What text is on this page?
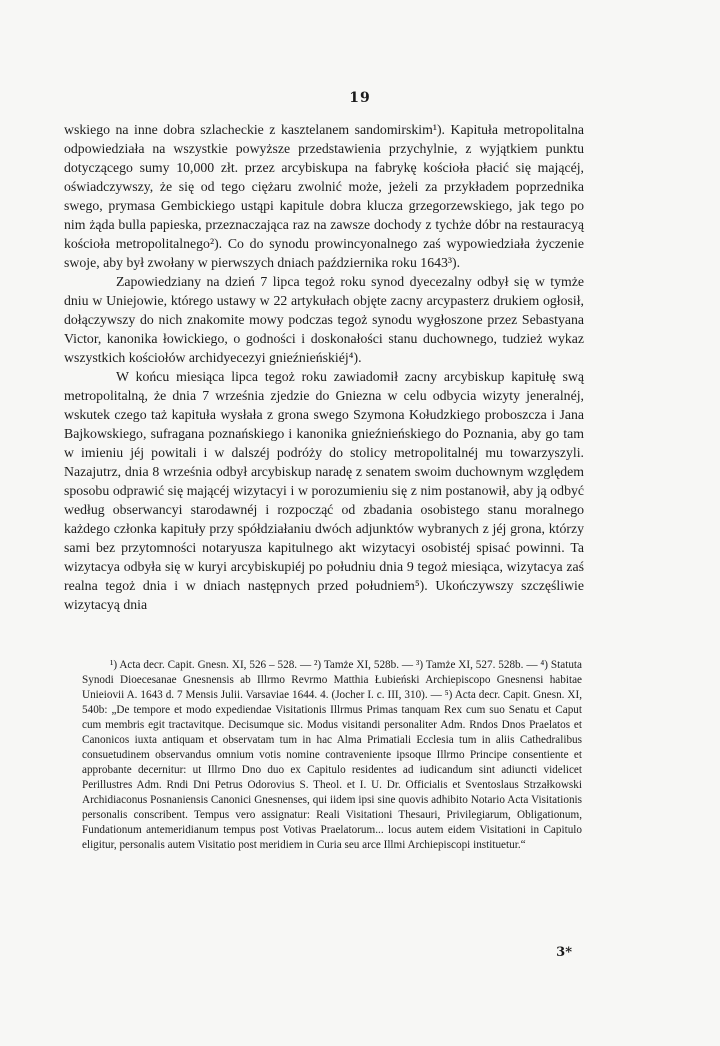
19

wskiego na inne dobra szlacheckie z kasztelanem sandomirskim¹). Kapituła metropolitalna odpowiedziała na wszystkie powyższe przedstawienia przychylnie, z wyjątkiem punktu dotyczącego sumy 10,000 złt. przez arcybiskupa na fabrykę kościoła płacić się mającéj, oświadczywszy, że się od tego ciężaru zwolnić może, jeżeli za przykładem poprzednika swego, prymasa Gembickiego ustąpi kapitule dobra klucza grzegorzewskiego, jak tego po nim żąda bulla papieska, przeznaczająca raz na zawsze dochody z tychże dóbr na restauracyą kościoła metropolitalnego²). Co do synodu prowincyonalnego zaś wypowiedziała życzenie swoje, aby był zwołany w pierwszych dniach października roku 1643³).

Zapowiedziany na dzień 7 lipca tegoż roku synod dyecezalny odbył się w tymże dniu w Uniejowie, którego ustawy w 22 artykułach objęte zacny arcypasterz drukiem ogłosił, dołączywszy do nich znakomite mowy podczas tegoż synodu wygłoszone przez Sebastyana Victor, kanonika łowickiego, o godności i doskonałości stanu duchownego, tudzież wykaz wszystkich kościołów archidyecezyi gnieźnieńskiéj⁴).

W końcu miesiąca lipca tegoż roku zawiadomił zacny arcybiskup kapitułę swą metropolitalną, że dnia 7 września zjedzie do Gniezna w celu odbycia wizyty jeneralnéj, wskutek czego taż kapituła wysłała z grona swego Szymona Kołudzkiego proboszcza i Jana Bajkowskiego, sufragana poznańskiego i kanonika gnieźnieńskiego do Poznania, aby go tam w imieniu jéj powitali i w dalszéj podróży do stolicy metropolitalnéj mu towarzyszyli. Nazajutrz, dnia 8 września odbył arcybiskup naradę z senatem swoim duchownym względem sposobu odprawić się mającéj wizytacyi i w porozumieniu się z nim postanowił, aby ją odbyć według obserwancyi starodawnéj i rozpocząć od zbadania osobistego stanu moralnego każdego członka kapituły przy spółdziałaniu dwóch adjunktów wybranych z jéj grona, którzy sami bez przytomności notaryusza kapitulnego akt wizytacyi osobistéj spisać powinni. Ta wizytacya odbyła się w kuryi arcybiskupiéj po południu dnia 9 tegoż miesiąca, wizytacya zaś realna tegoż dnia i w dniach następnych przed południem⁵). Ukończywszy szczęśliwie wizytacyą dnia

¹) Acta decr. Capit. Gnesn. XI, 526 – 528. — ²) Tamże XI, 528b. — ³) Tamże XI, 527. 528b. — ⁴) Statuta Synodi Dioecesanae Gnesnensis ab Illrmo Revrmo Matthia Łubieński Archiepiscopo Gnesnensi habitae Unieiovii A. 1643 d. 7 Mensis Julii. Varsaviae 1644. 4. (Jocher I. c. III, 310). — ⁵) Acta decr. Capit. Gnesn. XI, 540b: „De tempore et modo expediendae Visitationis Illrmus Primas tanquam Rex cum suo Senatu et Caput cum membris egit tractavitque. Decisumque sic. Modus visitandi personaliter Adm. Rndos Dnos Praelatos et Canonicos iuxta antiquam et observatam tum in hac Alma Primatiali Ecclesia tum in aliis Cathedralibus consuetudinem observandus omnium votis nomine contraveniente ipsoque Illrmo Principe consentiente et approbante decernitur: ut Illrmo Dno duo ex Capitulo residentes ad iudicandum sint adiuncti videlicet Perillustres Adm. Rndi Dni Petrus Odorovius S. Theol. et I. U. Dr. Officialis et Sventoslaus Strzałkowski Archidiaconus Posnaniensis Canonici Gnesnenses, qui iidem ipsi sine quovis adhibito Notario Acta Visitationis personalis conscribent. Tempus vero assignatur: Reali Visitationi Thesauri, Privilegiarum, Obligationum, Fundationum antemeridianum tempus post Votivas Praelatorum... locus autem eidem Visitationi in Capitulo eligitur, personalis autem Visitatio post meridiem in Curia seu arce Illmi Archiepiscopi instituetur.“

3*
